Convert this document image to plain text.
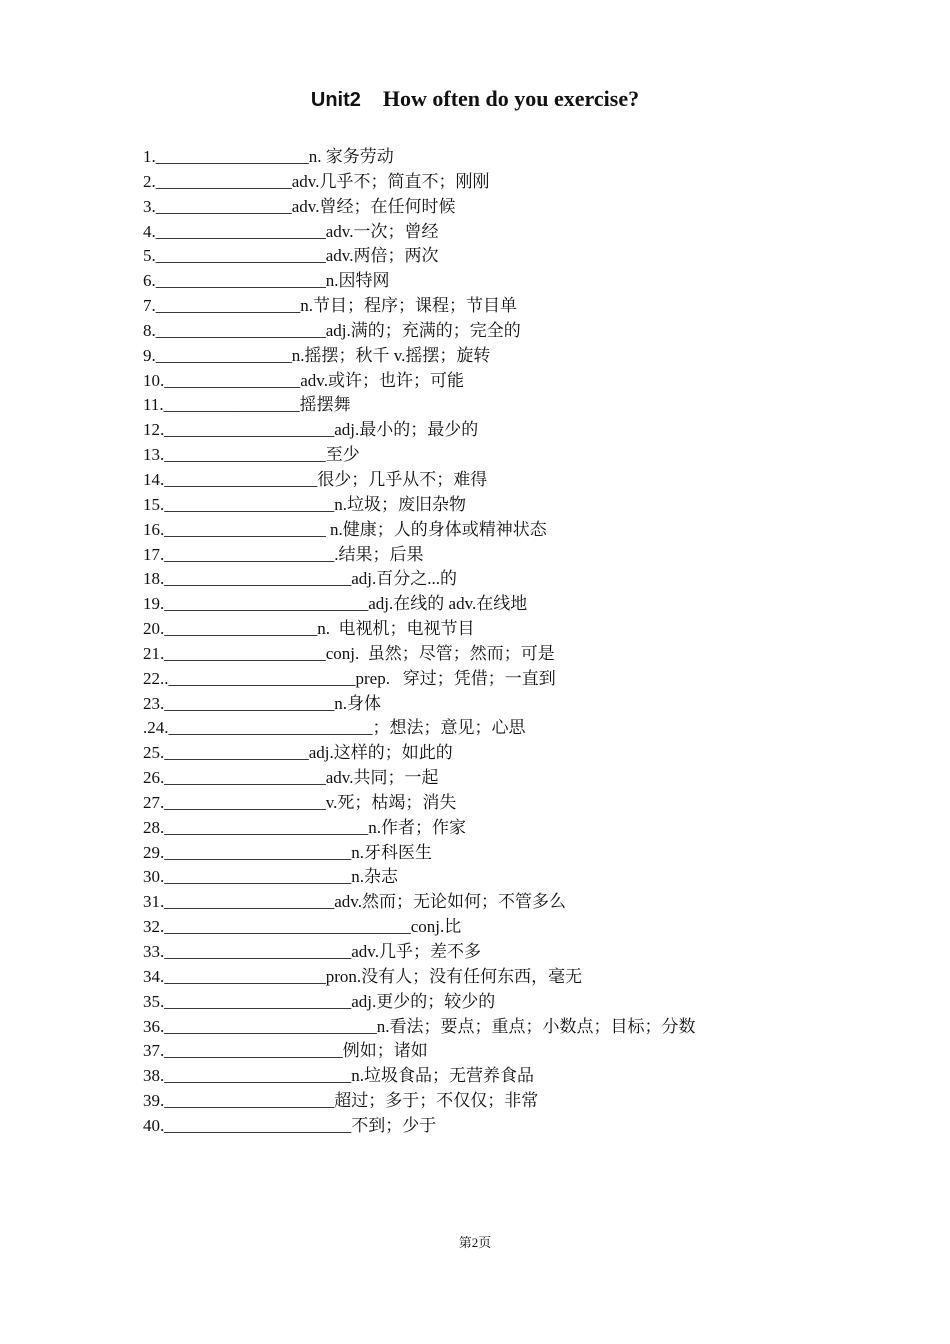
Unit2 How often do you exercise?
1.__________________n. 家务劳动
2.________________adv.几乎不；简直不；刚刚
3.________________adv.曾经；在任何时候
4.____________________adv.一次；曾经
5.____________________adv.两倍；两次
6.____________________n.因特网
7._________________n.节目；程序；课程；节目单
8.____________________adj.满的；充满的；完全的
9.________________n.摇摆；秋千 v.摇摆；旋转
10.________________adv.或许；也许；可能
11.________________摇摆舞
12.____________________adj.最小的；最少的
13.___________________至少
14.__________________很少；几乎从不；难得
15.____________________n.垃圾；废旧杂物
16.___________________ n.健康；人的身体或精神状态
17.____________________.结果；后果
18.______________________adj.百分之...的
19.________________________adj.在线的 adv.在线地
20.__________________n.  电视机；电视节目
21.___________________conj.  虽然；尽管；然而；可是
22..______________________prep.   穿过；凭借；一直到
23.____________________n.身体
.24.________________________；想法；意见；心思
25._________________adj.这样的；如此的
26.___________________adv.共同；一起
27.___________________v.死；枯竭；消失
28.________________________n.作者；作家
29.______________________n.牙科医生
30.______________________n.杂志
31.____________________adv.然而；无论如何；不管多么
32._____________________________conj.比
33.______________________adv.几乎；差不多
34.___________________pron.没有人；没有任何东西，毫无
35.______________________adj.更少的；较少的
36._________________________n.看法；要点；重点；小数点；目标；分数
37._____________________例如；诸如
38.______________________n.垃圾食品；无营养食品
39.____________________超过；多于；不仅仅；非常
40.______________________不到；少于
第2页
